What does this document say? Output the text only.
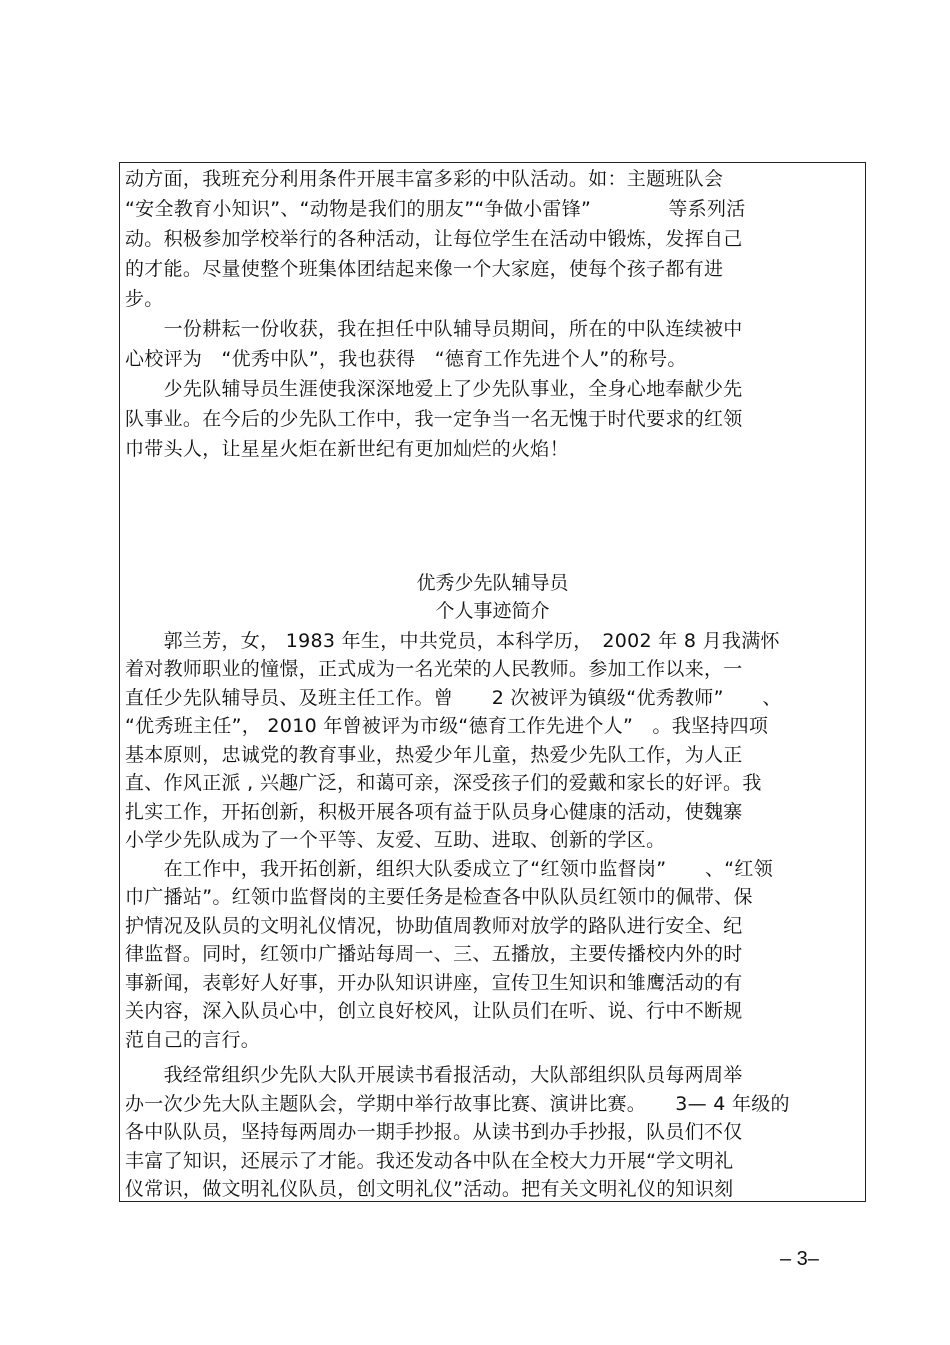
动方面，我班充分利用条件开展丰富多彩的中队活动。如：主题班队会
“安全教育小知识”、“动物是我们的朋友”“争做小雷锋”　　　　等系列活
动。积极参加学校举行的各种活动，让每位学生在活动中锻炼，发挥自己
的才能。尽量使整个班集体团结起来像一个大家庭，使每个孩子都有进
步。
　　一份耕耘一份收获，我在担任中队辅导员期间，所在的中队连续被中
心校评为　“优秀中队”，我也获得　“德育工作先进个人”的称号。
　　少先队辅导员生涯使我深深地爱上了少先队事业，全身心地奉献少先
队事业。在今后的少先队工作中，我一定争当一名无愧于时代要求的红领
巾带头人，让星星火炬在新世纪有更加灿烂的火焰！
优秀少先队辅导员
个人事迹简介
　　郭兰芳，女， 1983 年生，中共党员，本科学历，　2002 年 8 月我满怀
着对教师职业的憧憬，正式成为一名光荣的人民教师。参加工作以来，一
直任少先队辅导员、及班主任工作。曾　　2 次被评为镇级“优秀教师”　　、
“优秀班主任”， 2010 年曾被评为市级“德育工作先进个人”　。我坚持四项
基本原则，忠诚党的教育事业，热爱少年儿童，热爱少先队工作，为人正
直、作风正派 , 兴趣广泛，和蔼可亲，深受孩子们的爱戴和家长的好评。我
扎实工作，开拓创新，积极开展各项有益于队员身心健康的活动，使魏寨
小学少先队成为了一个平等、友爱、互助、进取、创新的学区。
　　在工作中，我开拓创新，组织大队委成立了“红领巾监督岗”　　、“红领
巾广播站”。红领巾监督岗的主要任务是检查各中队队员红领巾的佩带、保
护情况及队员的文明礼仪情况，协助值周教师对放学的路队进行安全、纪
律监督。同时，红领巾广播站每周一、三、五播放，主要传播校内外的时
事新闻，表彰好人好事，开办队知识讲座，宣传卫生知识和雏鹰活动的有
关内容，深入队员心中，创立良好校风，让队员们在听、说、行中不断规
范自己的言行。
　　我经常组织少先队大队开展读书看报活动，大队部组织队员每两周举
办一次少先大队主题队会，学期中举行故事比赛、演讲比赛。　　3— 4 年级的
各中队队员，坚持每两周办一期手抄报。从读书到办手抄报，队员们不仅
丰富了知识，还展示了才能。我还发动各中队在全校大力开展“学文明礼
仪常识，做文明礼仪队员，创文明礼仪”活动。把有关文明礼仪的知识刻
– 3–
